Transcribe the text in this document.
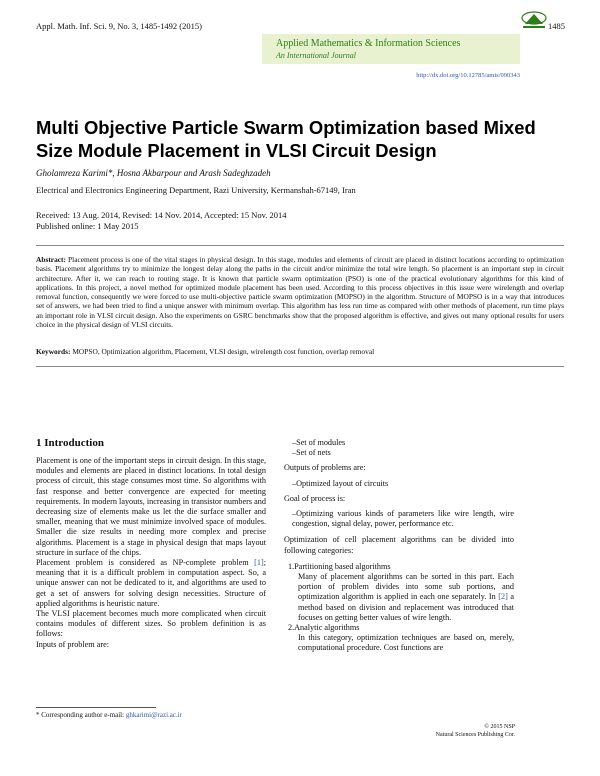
Appl. Math. Inf. Sci. 9, No. 3, 1485-1492 (2015)	1485
Applied Mathematics & Information Sciences
An International Journal
http://dx.doi.org/10.12785/amis/090343
Multi Objective Particle Swarm Optimization based Mixed Size Module Placement in VLSI Circuit Design
Gholamreza Karimi*, Hosna Akbarpour and Arash Sadeghzadeh
Electrical and Electronics Engineering Department, Razi University, Kermanshah-67149, Iran
Received: 13 Aug. 2014, Revised: 14 Nov. 2014, Accepted: 15 Nov. 2014
Published online: 1 May 2015
Abstract: Placement process is one of the vital stages in physical design. In this stage, modules and elements of circuit are placed in distinct locations according to optimization basis. Placement algorithms try to minimize the longest delay along the paths in the circuit and/or minimize the total wire length. So placement is an important step in circuit architecture. After it, we can reach to routing stage. It is known that particle swarm optimization (PSO) is one of the practical evolutionary algorithms for this kind of applications. In this project, a novel method for optimized module placement has been used. According to this process objectives in this issue were wirelength and overlap removal function, consequently we were forced to use multi-objective particle swarm optimization (MOPSO) in the algorithm. Structure of MOPSO is in a way that introduces set of answers, we had been tried to find a unique answer with minimum overlap. This algorithm has less run time as compared with other methods of placement, run time plays an important role in VLSI circuit design. Also the experiments on GSRC benchmarks show that the proposed algorithm is effective, and gives out many optional results for users choice in the physical design of VLSI circuits.
Keywords: MOPSO, Optimization algorithm, Placement, VLSI design, wirelength cost function, overlap removal
1 Introduction

Placement is one of the important steps in circuit design. In this stage, modules and elements are placed in distinct locations. In total design process of circuit, this stage consumes most time. So algorithms with fast response and better convergence are expected for meeting requirements. In modern layouts, increasing in transistor numbers and decreasing size of elements make us let the die surface smaller and smaller, meaning that we must minimize involved space of modules. Smaller die size results in needing more complex and precise algorithms. Placement is a stage in physical design that maps layout structure in surface of the chips.

Placement problem is considered as NP-complete problem [1]; meaning that it is a difficult problem in computation aspect. So, a unique answer can not be dedicated to it, and algorithms are used to get a set of answers for solving design necessities. Structure of applied algorithms is heuristic nature.

The VLSI placement becomes much more complicated when circuit contains modules of different sizes. So problem definition is as follows:

Inputs of problem are:

–Set of modules

–Set of nets

Outputs of problems are:

–Optimized layout of circuits

Goal of process is:

–Optimizing various kinds of parameters like wire length, wire congestion, signal delay, power, performance etc.

Optimization of cell placement algorithms can be divided into following categories:

1.Partitioning based algorithms

Many of placement algorithms can be sorted in this part. Each portion of problem divides into some sub portions, and optimization algorithm is applied in each one separately. In [2] a method based on division and replacement was introduced that focuses on getting better values of wire length.

2.Analytic algorithms

In this category, optimization techniques are based on, merely, computational procedure. Cost functions are

* Corresponding author e-mail: ghkarimi@razi.ac.ir
© 2015 NSP
Natural Sciences Publishing Cor.
